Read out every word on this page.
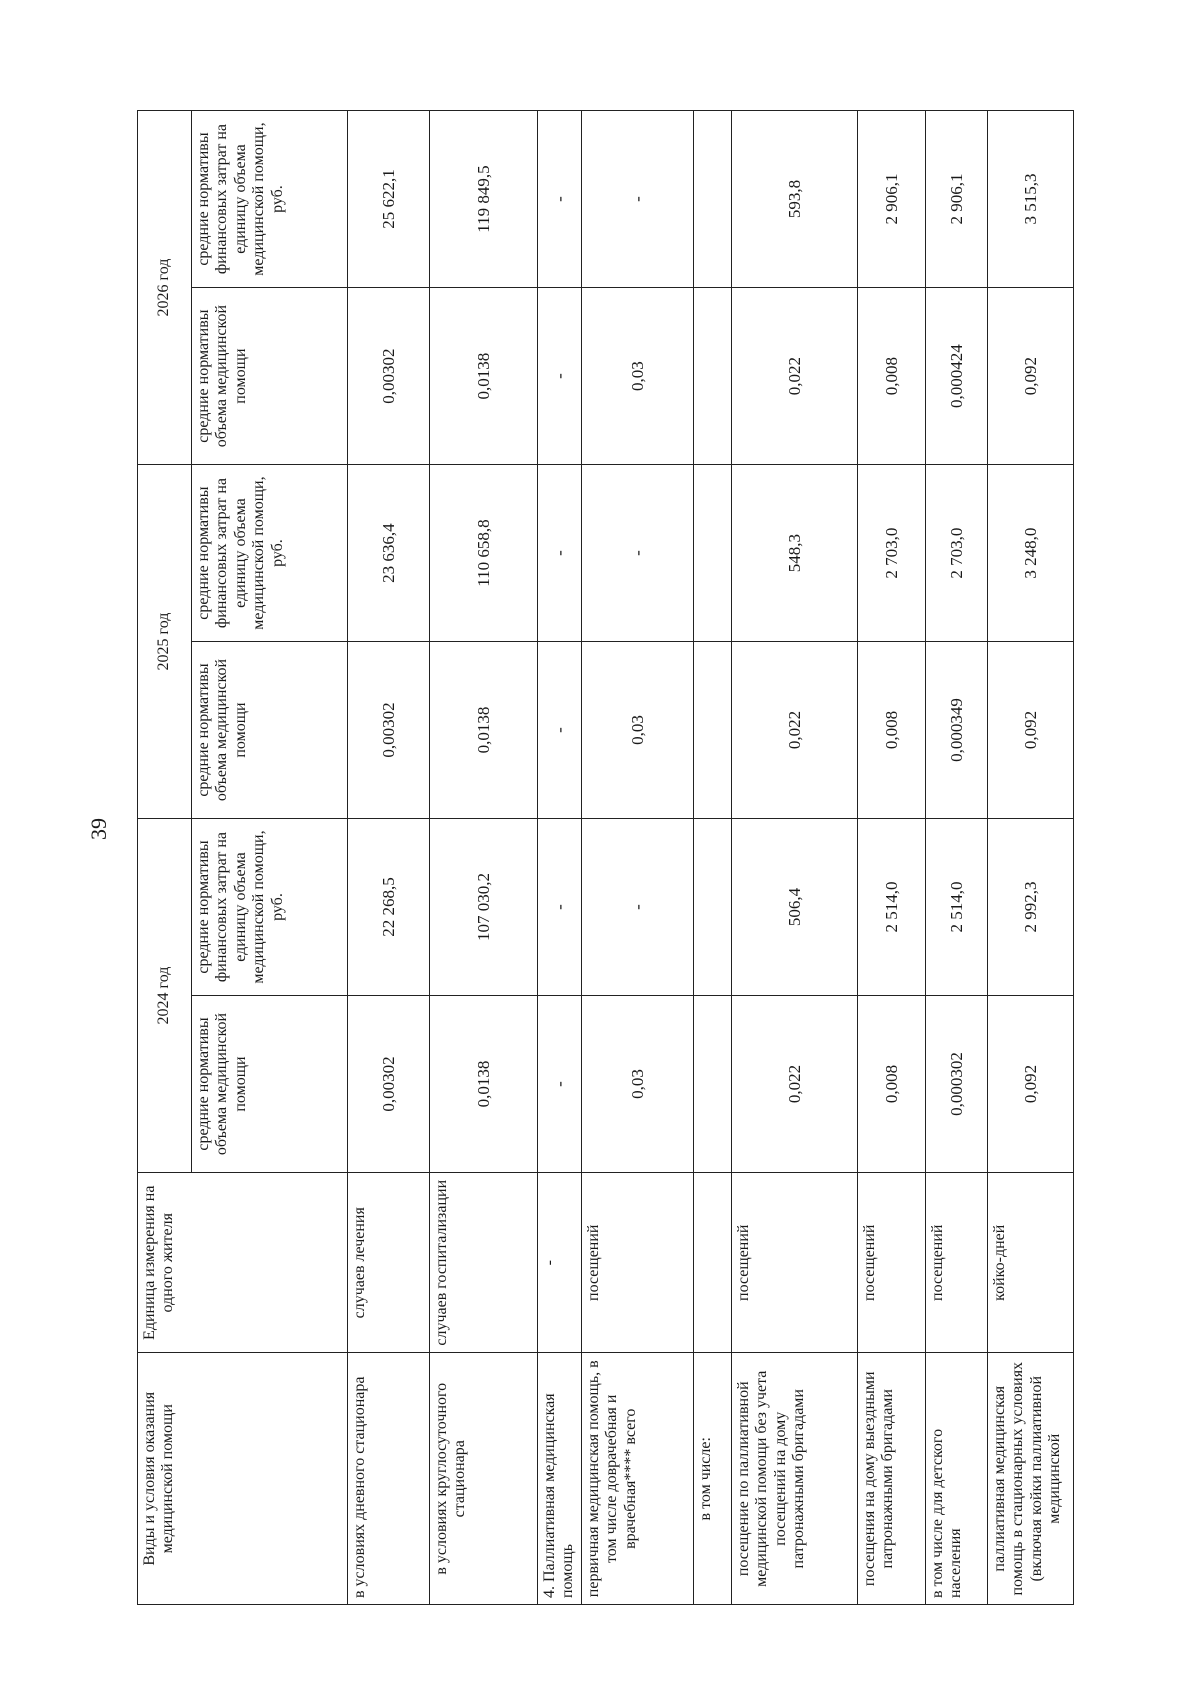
39
Виды и условия оказания медицинской помощи	Единица измерения на одного жителя	2024 год		2025 год		2026 год	
		средние нормативы объема медицинской помощи	средние нормативы финансовых затрат на единицу объема медицинской помощи, руб.	средние нормативы объема медицинской помощи	средние нормативы финансовых затрат на единицу объема медицинской помощи, руб.	средние нормативы объема медицинской помощи	средние нормативы финансовых затрат на единицу объема медицинской помощи, руб.
в условиях дневного стационара	случаев лечения	0,00302	22 268,5	0,00302	23 636,4	0,00302	25 622,1
в условиях круглосуточного стационара	случаев госпитализации	0,0138	107 030,2	0,0138	110 658,8	0,0138	119 849,5
4. Паллиативная медицинская помощь	-	-	-	-	-	-	-
первичная медицинская помощь, в том числе доврачебная и врачебная**** всего	посещений	0,03	-	0,03	-	0,03	-
в том числе:							
посещение по паллиативной медицинской помощи без учета посещений на дому патронажными бригадами	посещений	0,022	506,4	0,022	548,3	0,022	593,8
посещения на дому выездными патронажными бригадами	посещений	0,008	2 514,0	0,008	2 703,0	0,008	2 906,1
в том числе для детского населения	посещений	0,000302	2 514,0	0,000349	2 703,0	0,000424	2 906,1
паллиативная медицинская помощь в стационарных условиях (включая койки паллиативной медицинской	койко-дней	0,092	2 992,3	0,092	3 248,0	0,092	3 515,3
